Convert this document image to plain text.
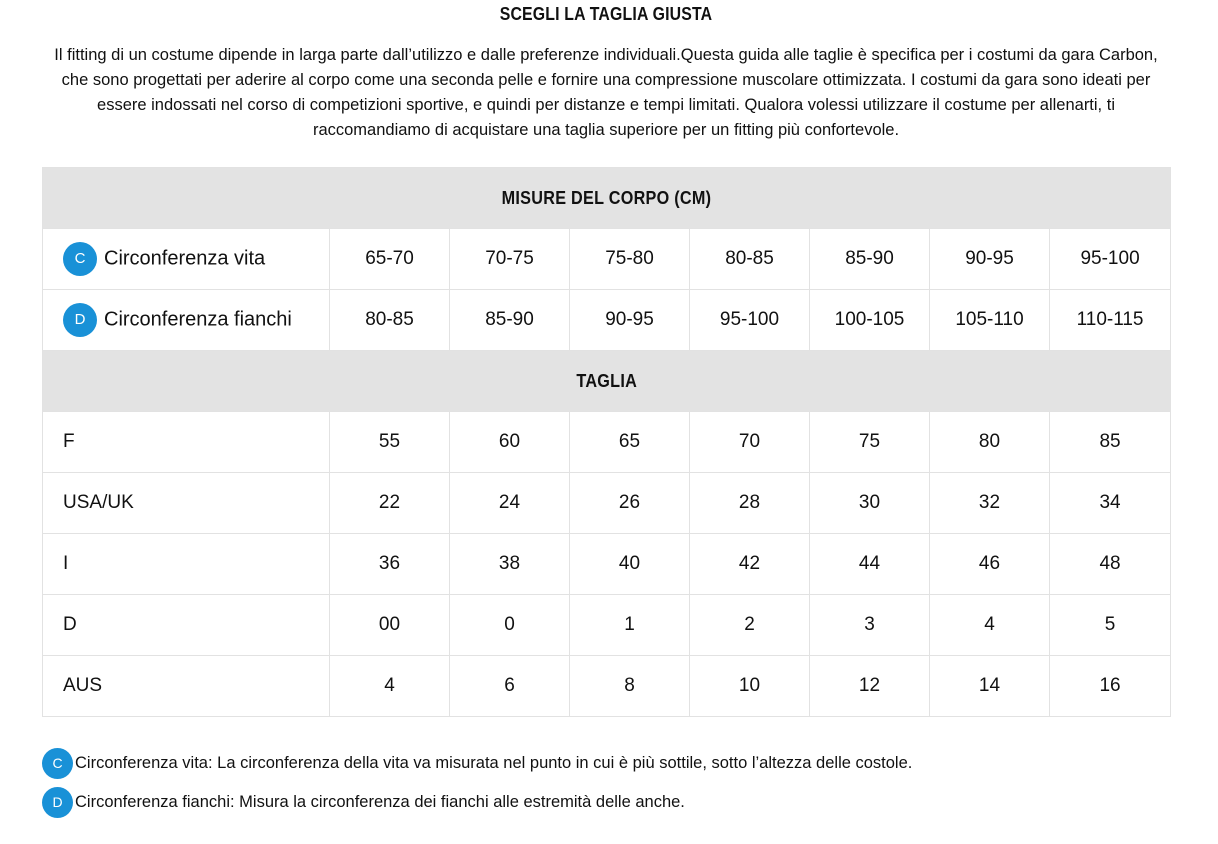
SCEGLI LA TAGLIA GIUSTA
Il fitting di un costume dipende in larga parte dall’utilizzo e dalle preferenze individuali.Questa guida alle taglie è specifica per i costumi da gara Carbon, che sono progettati per aderire al corpo come una seconda pelle e fornire una compressione muscolare ottimizzata. I costumi da gara sono ideati per essere indossati nel corso di competizioni sportive, e quindi per distanze e tempi limitati. Qualora volessi utilizzare il costume per allenarti, ti raccomandiamo di acquistare una taglia superiore per un fitting più confortevole.
MISURE DEL CORPO (CM)							
C Circonferenza vita	65-70	70-75	75-80	80-85	85-90	90-95	95-100
D Circonferenza fianchi	80-85	85-90	90-95	95-100	100-105	105-110	110-115
TAGLIA							
F	55	60	65	70	75	80	85
USA/UK	22	24	26	28	30	32	34
I	36	38	40	42	44	46	48
D	00	0	1	2	3	4	5
AUS	4	6	8	10	12	14	16
C Circonferenza vita: La circonferenza della vita va misurata nel punto in cui è più sottile, sotto l’altezza delle costole.
D Circonferenza fianchi: Misura la circonferenza dei fianchi alle estremità delle anche.
